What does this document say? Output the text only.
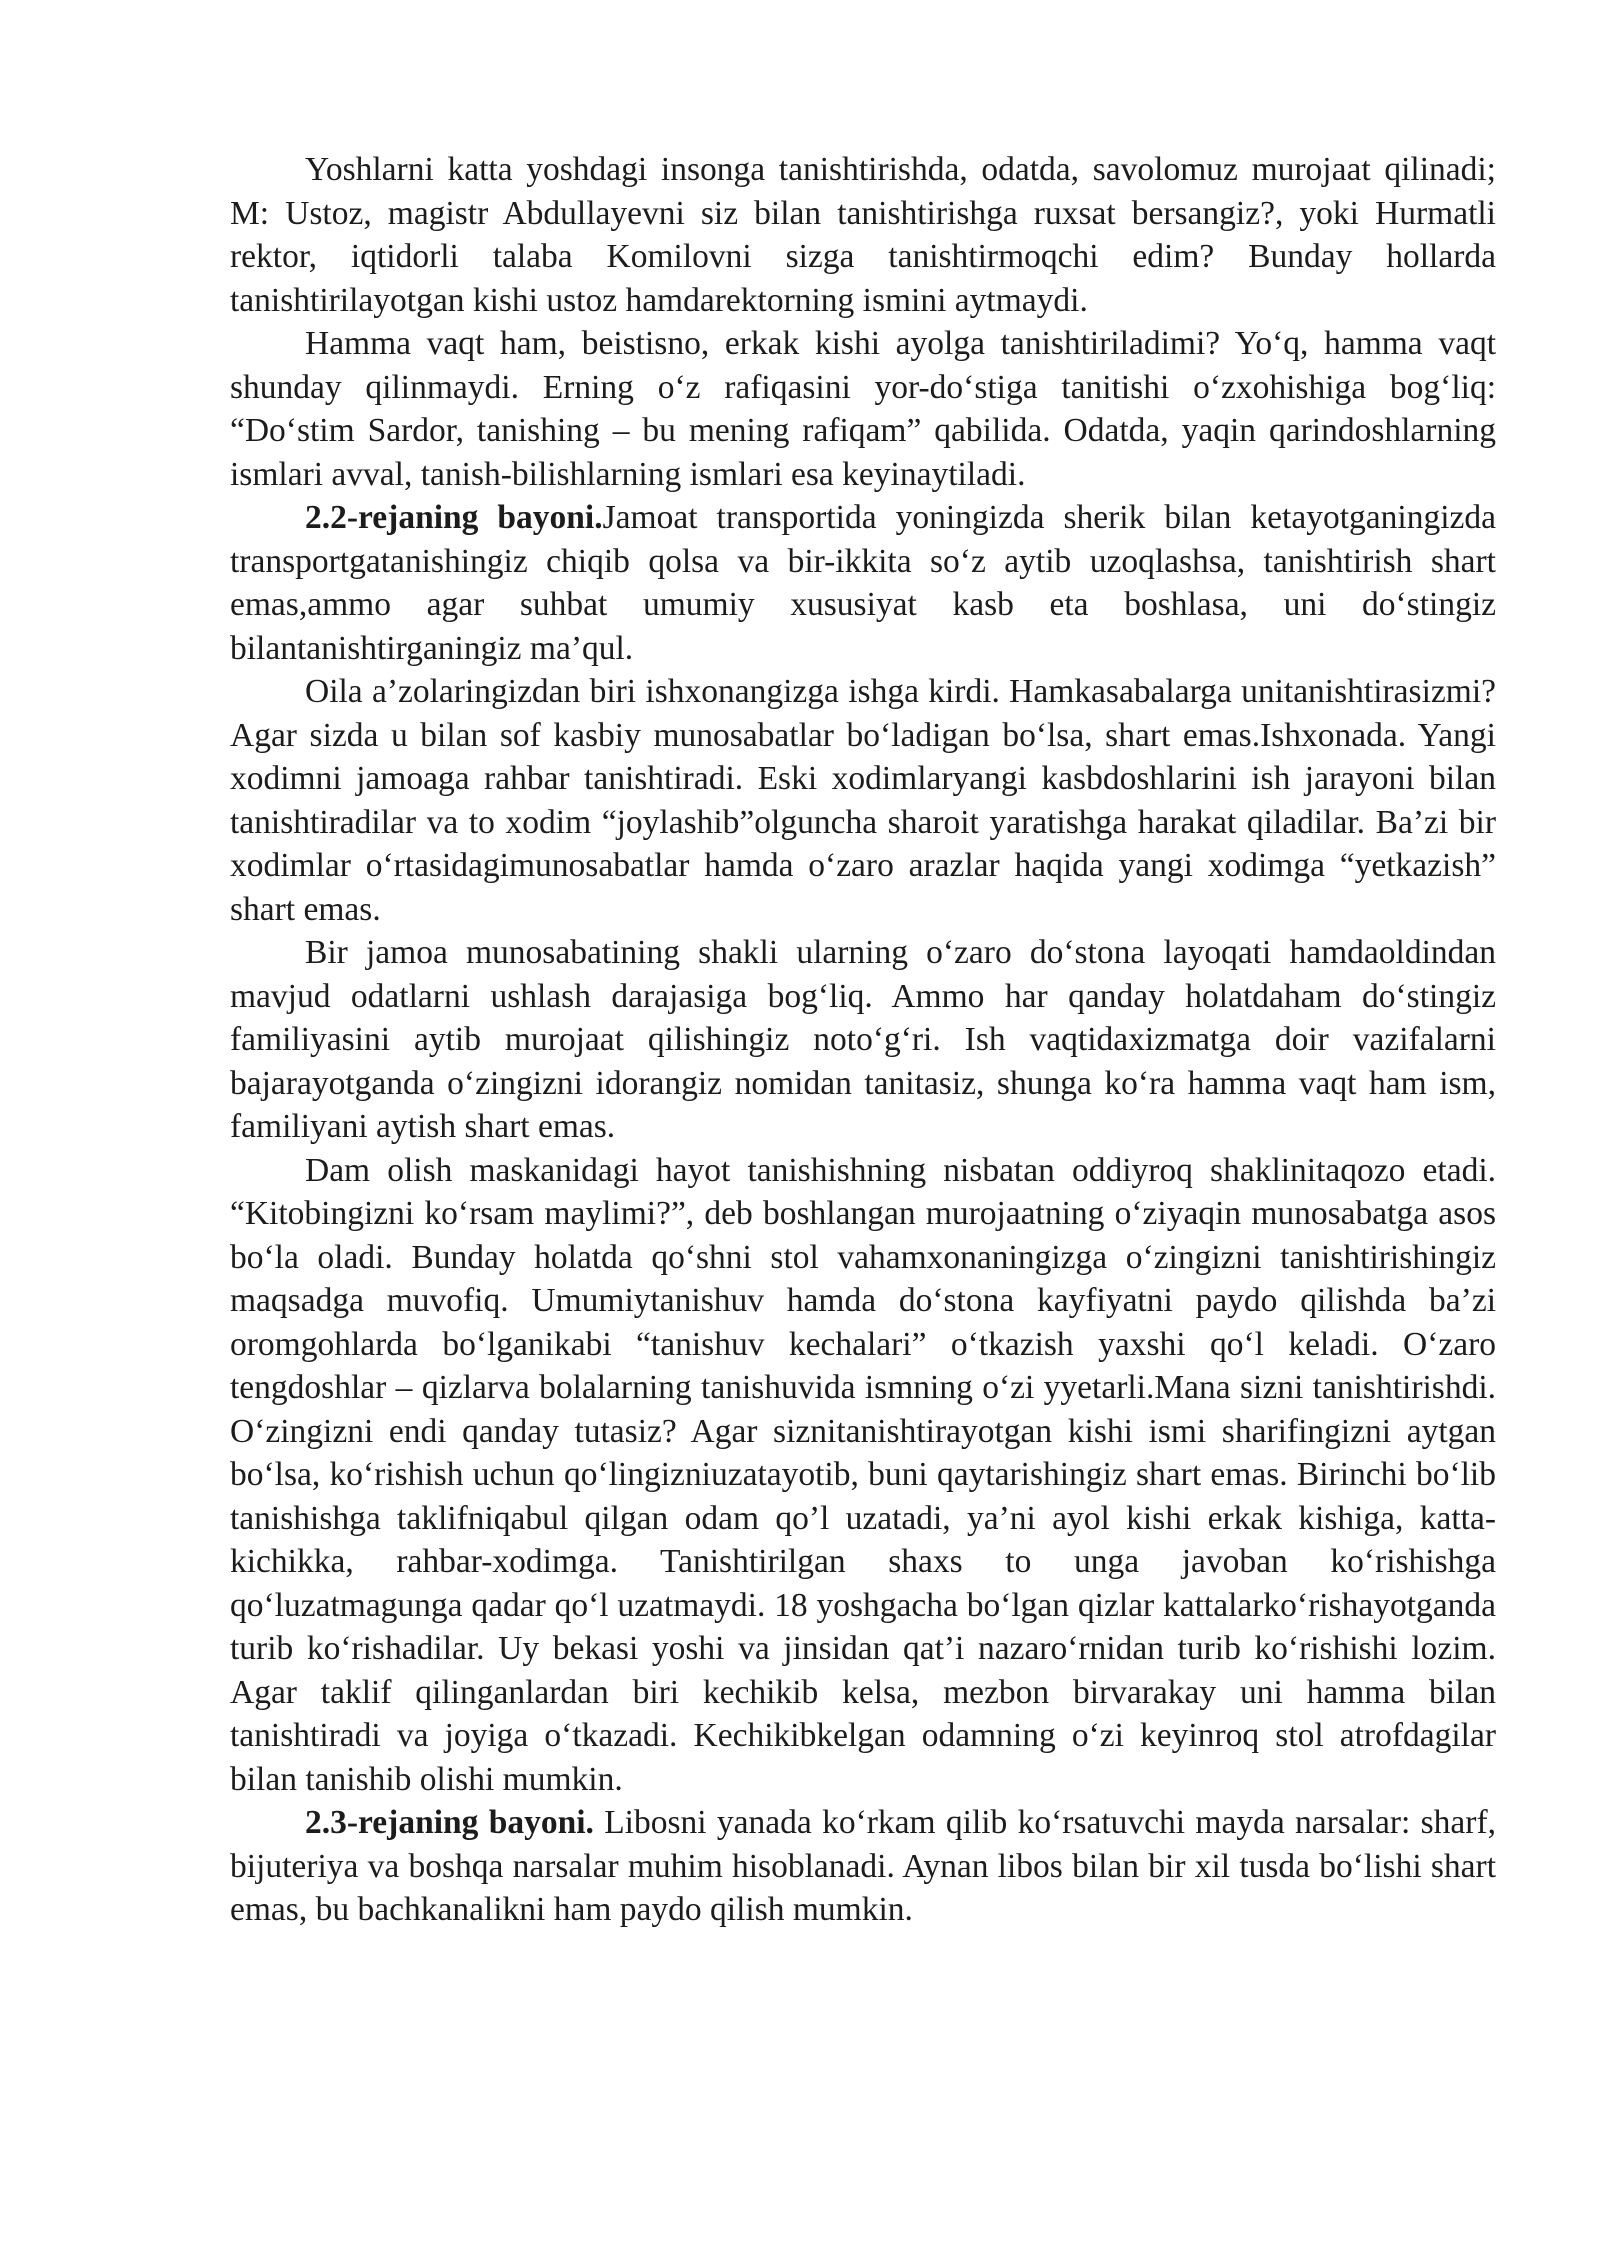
Yoshlarni katta yoshdagi insonga tanishtirishda, odatda, savolomuz murojaat qilinadi; M: Ustoz, magistr Abdullayevni siz bilan tanishtirishga ruxsat bersangiz?, yoki Hurmatli rektor, iqtidorli talaba Komilovni sizga tanishtirmoqchi edim? Bunday hollarda tanishtirilayotgan kishi ustoz hamdarektorning ismini aytmaydi.

Hamma vaqt ham, beistisno, erkak kishi ayolga tanishtiriladimi? Yo‘q, hamma vaqt shunday qilinmaydi. Erning o‘z rafiqasini yor-do‘stiga tanitishi o‘zxohishiga bog‘liq: “Do‘stim Sardor, tanishing – bu mening rafiqam” qabilida. Odatda, yaqin qarindoshlarning ismlari avval, tanish-bilishlarning ismlari esa keyinaytiladi.

2.2-rejaning bayoni.Jamoat transportida yoningizda sherik bilan ketayotganingizda transportgatanishingiz chiqib qolsa va bir-ikkita so‘z aytib uzoqlashsa, tanishtirish shart emas,ammo agar suhbat umumiy xususiyat kasb eta boshlasa, uni do‘stingiz bilantanishtirganingiz ma’qul.

Oila a’zolaringizdan biri ishxonangizga ishga kirdi. Hamkasabalarga unitanishtirasizmi? Agar sizda u bilan sof kasbiy munosabatlar bo‘ladigan bo‘lsa, shart emas.Ishxonada. Yangi xodimni jamoaga rahbar tanishtiradi. Eski xodimlaryangi kasbdoshlarini ish jarayoni bilan tanishtiradilar va to xodim “joylashib”olguncha sharoit yaratishga harakat qiladilar. Ba’zi bir xodimlar o‘rtasidagimunosabatlar hamda o‘zaro arazlar haqida yangi xodimga “yetkazish” shart emas.

Bir jamoa munosabatining shakli ularning o‘zaro do‘stona layoqati hamdaoldindan mavjud odatlarni ushlash darajasiga bog‘liq. Ammo har qanday holatdaham do‘stingiz familiyasini aytib murojaat qilishingiz noto‘g‘ri. Ish vaqtidaxizmatga doir vazifalarni bajarayotganda o‘zingizni idorangiz nomidan tanitasiz, shunga ko‘ra hamma vaqt ham ism, familiyani aytish shart emas.

Dam olish maskanidagi hayot tanishishning nisbatan oddiyroq shaklinitaqozo etadi. “Kitobingizni ko‘rsam maylimi?”, deb boshlangan murojaatning o‘ziyaqin munosabatga asos bo‘la oladi. Bunday holatda qo‘shni stol vahamxonaningizga o‘zingizni tanishtirishingiz maqsadga muvofiq. Umumiytanishuv hamda do‘stona kayfiyatni paydo qilishda ba’zi oromgohlarda bo‘lganikabi “tanishuv kechalari” o‘tkazish yaxshi qo‘l keladi. O‘zaro tengdoshlar – qizlarva bolalarning tanishuvida ismning o‘zi yyetarli.Mana sizni tanishtirishdi. O‘zingizni endi qanday tutasiz? Agar siznitanishtirayotgan kishi ismi sharifingizni aytgan bo‘lsa, ko‘rishish uchun qo‘lingizniuzatayotib, buni qaytarishingiz shart emas. Birinchi bo‘lib tanishishga taklifniqabul qilgan odam qo’l uzatadi, ya’ni ayol kishi erkak kishiga, katta-kichikka, rahbar-xodimga. Tanishtirilgan shaxs to unga javoban ko‘rishishga qo‘luzatmagunga qadar qo‘l uzatmaydi. 18 yoshgacha bo‘lgan qizlar kattalarko‘rishayotganda turib ko‘rishadilar. Uy bekasi yoshi va jinsidan qat’i nazaro‘rnidan turib ko‘rishishi lozim. Agar taklif qilinganlardan biri kechikib kelsa, mezbon birvarakay uni hamma bilan tanishtiradi va joyiga o‘tkazadi. Kechikibkelgan odamning o‘zi keyinroq stol atrofdagilar bilan tanishib olishi mumkin.

2.3-rejaning bayoni. Libosni yanada ko‘rkam qilib ko‘rsatuvchi mayda narsalar: sharf, bijuteriya va boshqa narsalar muhim hisoblanadi. Aynan libos bilan bir xil tusda bo‘lishi shart emas, bu bachkanalikni ham paydo qilish mumkin.
